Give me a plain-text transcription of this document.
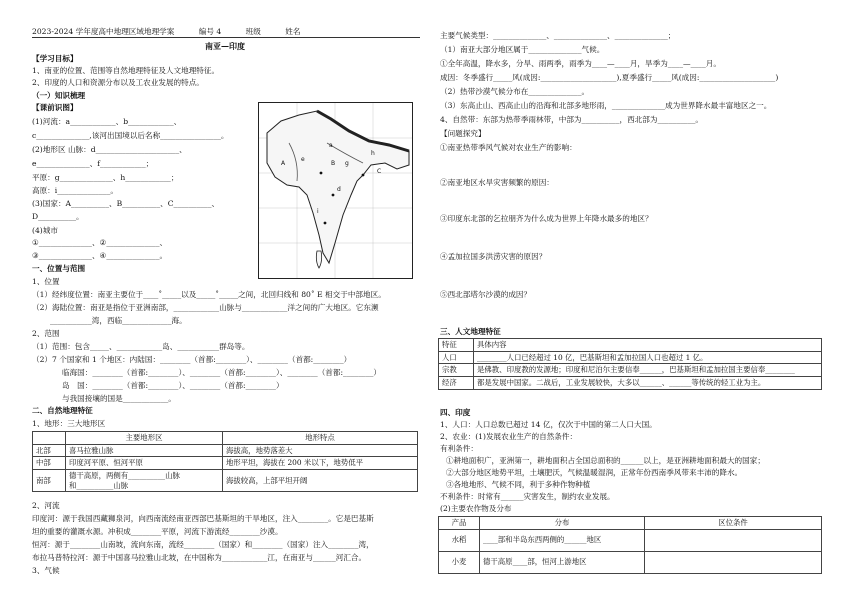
2023-2024 学年度高中地理区域地理学案	编号 4	班级	姓名
南亚—印度
【学习目标】
1、南亚的位置、范围等自然地理特征及人文地理特征。
2、印度的人口和资源分布以及工农业发展的特点。
（一）知识梳理
【课前识图】
(1)河流：a____________、b____________、
c______________,该河出国境以后名称________________。
(2)地形区 山脉：d______________________、
e______________、f____________；
平原：g______________、h____________；
高原：i______________。
(3)国家：A__________、B__________、C__________、
D__________。
(4)城市
①______________、②______________、
③______________、④______________。
a
g
e
i
d
h
A
C
B
一、位置与范围
1、位置
（1）经纬度位置：南亚主要位于____˚_____以及_____˚_____之间，北回归线和 80˚ E 相交于中部地区。
（2）海陆位置：南亚是指位于亚洲南部，____________山脉与____________洋之间的广大地区。它东濒
___________湾，西临_____________海。
2、范围
（1）范围：包含_____、____________岛、___________群岛等。
（2）7 个国家和 1 个地区：内陆国：________（首都:________）、________（首都:________）
临海国：________（首都:________）、________（首都:________）、________（首都:________）
岛　国：________（首都:________）、________（首都:________）
与我国接壤的国是____________。
二、自然地理特征
1、地形：三大地形区
	主要地形区	地形特点
北部	喜马拉雅山脉	海拔高，地势落差大
中部	印度河平原、恒河平原	地形平坦，海拔在 200 米以下，地势低平
南部	德干高原，两侧有__________山脉
和__________山脉	海拔较高，上部平坦开阔
2、河流
印度河：源于我国西藏狮泉河，向西南流经南亚西部巴基斯坦的干旱地区，注入________。它是巴基斯
坦的重要的灌溉水源。冲积成________平原，河流下游流经________沙漠。
恒河：源于________山南坡，流向东南，流经________（国家）和________（国家）注入________湾，
布拉马普特拉河：源于中国喜马拉雅山北坡，在中国称为____________江，在南亚与______河汇合。
3、气候
主要气候类型：______________、______________、______________；
（1）南亚大部分地区属于______________气候。
①全年高温，降水多，分旱、雨两季，雨季为____—____月，旱季为____—____月。
成因：冬季盛行_____风(成因:____________________),夏季盛行_____风(成因:____________________)
（2）热带沙漠气候分布在______________。
（3）东高止山、西高止山的沿海和北部多地形雨，______________成为世界降水最丰富地区之一。
4、自然带：东部为热带季雨林带，中部为__________，西北部为__________。
【问题探究】
①南亚热带季风气候对农业生产的影响：
②南亚地区水旱灾害频繁的原因：
③印度东北部的乞拉朋齐为什么成为世界上年降水最多的地区？
④孟加拉国多洪涝灾害的原因？
⑤西北部塔尔沙漠的成因？
三、人文地理特征
特征	具体内容
人口	________人口已经超过 10 亿，巴基斯坦和孟加拉国人口也超过 1 亿。
宗教	是佛教、印度教的发源地；印度和尼泊尔主要信奉______，巴基斯坦和孟加拉国主要信奉________
经济	都是发展中国家。二战后，工业发展较快，大多以______、______等传统的轻工业为主。
四、印度
1、人口：人口总数已超过 14 亿，仅次于中国的第二人口大国。
2、农业：(1)发展农业生产的自然条件：
有利条件：
①耕地面积广，亚洲第一，耕地面积占全国总面积的______以上，是亚洲耕地面积最大的国家；
②大部分地区地势平坦，土壤肥沃，气候温暖湿润，正常年份西南季风带来丰沛的降水。
③各地地形、气候不同，利于多种作物种植
不利条件：时常有______灾害发生，制约农业发展。
(2)主要农作物及分布
产品	分布	区位条件
水稻	____部和半岛东西两侧的______地区	
小麦	德干高原____部，恒河上游地区	
